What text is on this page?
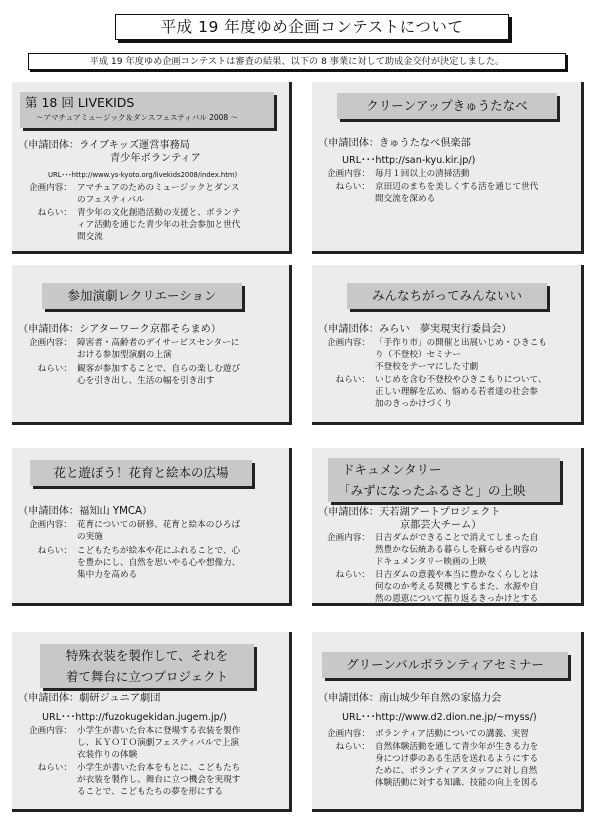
平成 19 年度ゆめ企画コンテストについて
平成 19 年度ゆめ企画コンテストは審査の結果、以下の 8 事業に対して助成金交付が決定しました。
第 18 回 LIVEKIDS
～アマチュアミュージック＆ダンスフェスティバル 2008 ～
（申請団体：ライブキッズ運営事務局
青少年ボランティア
URL･･･http://www.ys-kyoto.org/livekids2008/index.htm)
企画内容： アマチュアのためのミュージックとダンス
のフェスティバル
ねらい： 青少年の文化創造活動の支援と、ボランテ
ィア活動を通じた青少年の社会参加と世代
間交流
クリーンアップきゅうたなべ
（申請団体：きゅうたなべ倶楽部
URL･･･http://san-kyu.kir.jp/)
企画内容： 毎月１回以上の清掃活動
ねらい： 京田辺のまちを美しくする活を通じて世代
間交流を深める
参加演劇レクリエーション
（申請団体：シアターワーク京都そらまめ）
企画内容： 障害者・高齢者のデイサービスセンターに
おける参加型演劇の上演
ねらい： 観客が参加することで、自らの楽しむ遊び
心を引き出し、生活の幅を引き出す
みんなちがってみんないい
（申請団体：みらい　夢実現実行委員会）
企画内容： 「手作り市」の開催と出展いじめ・ひきこも
り（不登校）セミナー
不登校をテーマにした寸劇
ねらい： いじめを含む不登校やひきこもりについて、
正しい理解を広め、悩める若者達の社会参
加のきっかけづくり
花と遊ぼう！花育と絵本の広場
（申請団体：福知山 YMCA）
企画内容： 花育についての研修、花育と絵本のひろば
の実施
ねらい： こどもたちが絵本や花にふれることで、心
を豊かにし、自然を思いやる心や想像力、
集中力を高める
ドキュメンタリー
「みずになったふるさと」の上映
（申請団体：天若湖アートプロジェクト
京都芸大チーム）
企画内容： 日吉ダムができることで消えてしまった自
然豊かな伝統ある暮らしを蘇らせる内容の
ドキュメンタリー映画の上映
ねらい： 日吉ダムの意義や本当に豊かなくらしとは
何なのか考える契機とするまた、水源や自
然の恩恵について振り返るきっかけとする
特殊衣装を製作して、それを
着て舞台に立つプロジェクト
（申請団体：劇研ジュニア劇団
URL･･･http://fuzokugekidan.jugem.jp/)
企画内容： 小学生が書いた台本に登場する衣装を製作
し、ＫＹＯＴＯ演劇フェスティバルで上演
衣装作りの体験
ねらい： 小学生が書いた台本をもとに、こどもたち
が衣装を製作し、舞台に立つ機会を実現す
ることで、こどもたちの夢を形にする
グリーンパルボランティアセミナー
（申請団体：南山城少年自然の家協力会
URL･･･http://www.d2.dion.ne.jp/~myss/)
企画内容： ボランティア活動についての講義、実習
ねらい： 自然体験活動を通して青少年が生きる力を
身につけ夢のある生活を送れるようにする
ために、ボランティアスタッフに対し自然
体験活動に対する知識、技能の向上を図る
